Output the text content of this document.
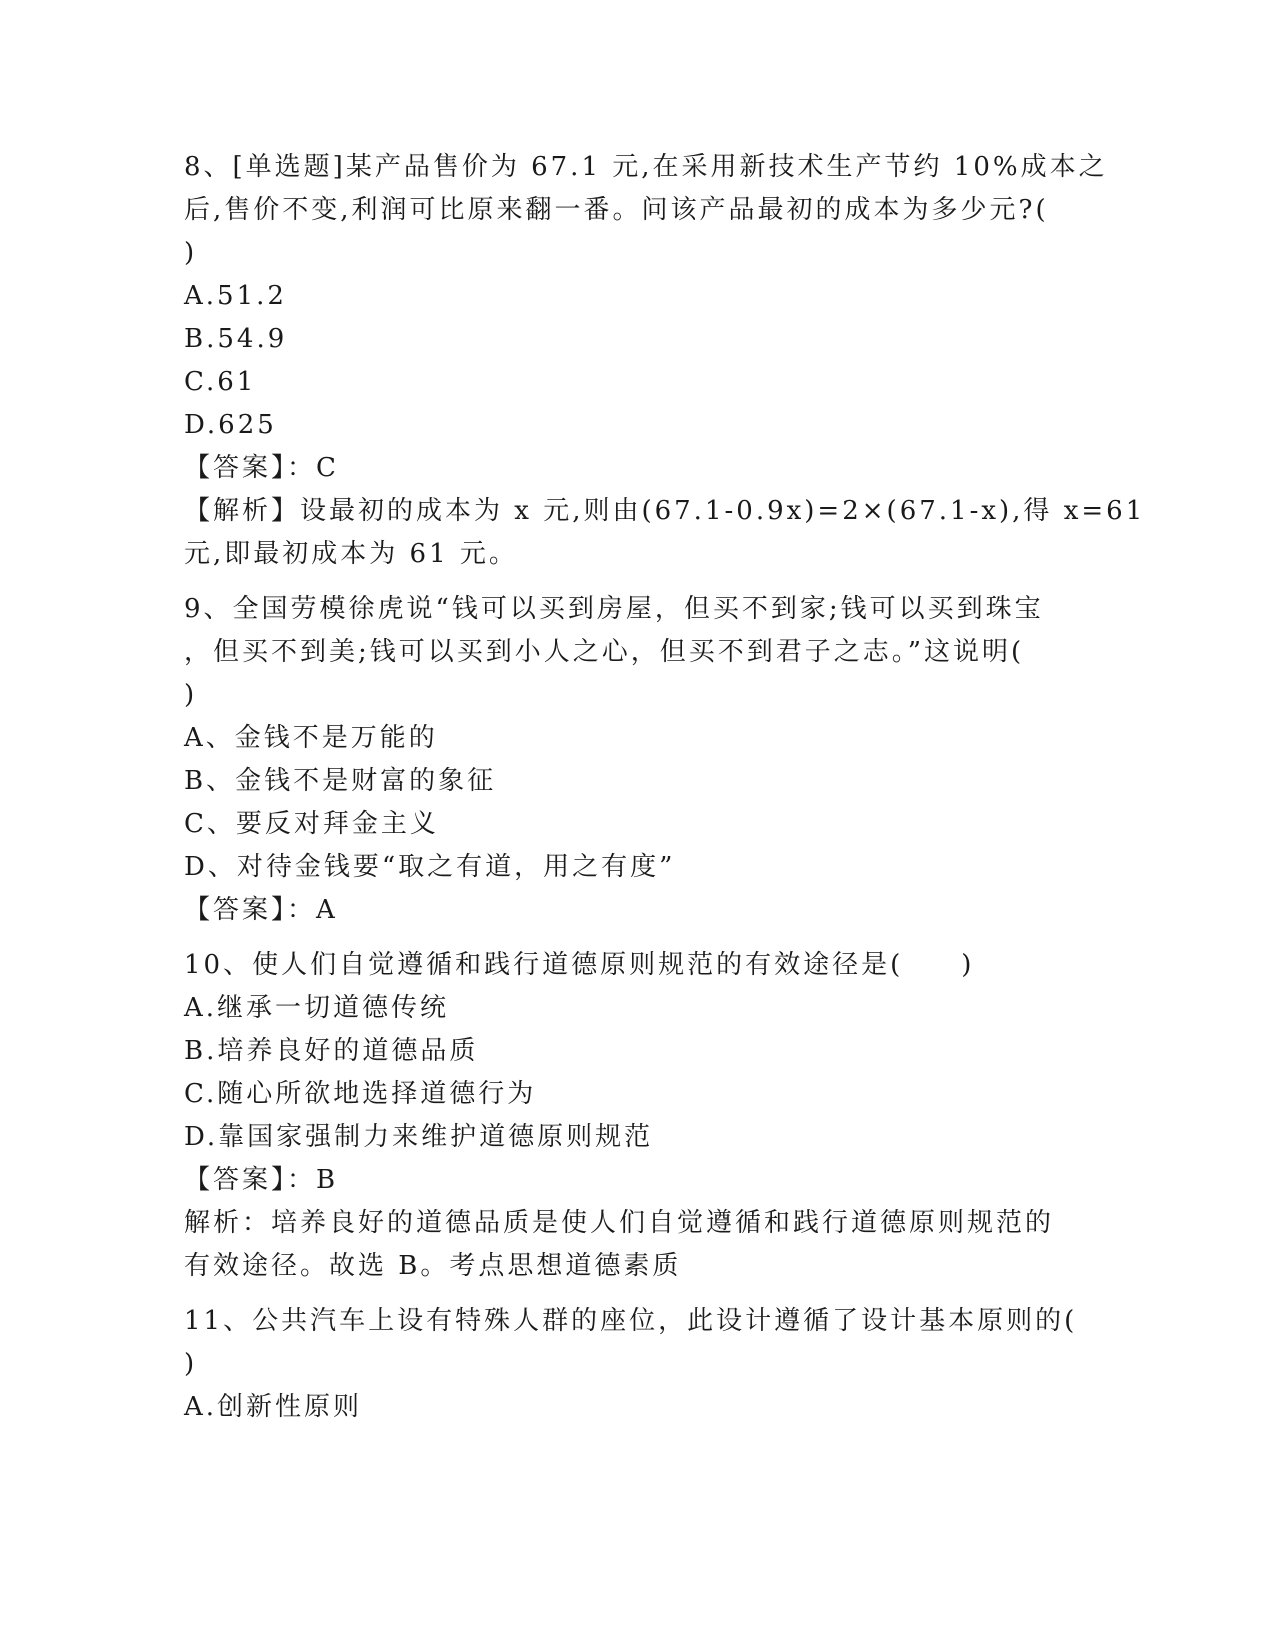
8、[单选题]某产品售价为 67.1 元,在采用新技术生产节约 10%成本之
后,售价不变,利润可比原来翻一番。问该产品最初的成本为多少元?(
)
A.51.2
B.54.9
C.61
D.625
【答案】：C
【解析】设最初的成本为 x 元,则由(67.1-0.9x)=2×(67.1-x),得 x=61
元,即最初成本为 61 元。
9、全国劳模徐虎说“钱可以买到房屋，但买不到家;钱可以买到珠宝
，但买不到美;钱可以买到小人之心，但买不到君子之志。”这说明(
)
A、金钱不是万能的
B、金钱不是财富的象征
C、要反对拜金主义
D、对待金钱要“取之有道，用之有度”
【答案】：A
10、使人们自觉遵循和践行道德原则规范的有效途径是(　　)
A.继承一切道德传统
B.培养良好的道德品质
C.随心所欲地选择道德行为
D.靠国家强制力来维护道德原则规范
【答案】：B
解析：培养良好的道德品质是使人们自觉遵循和践行道德原则规范的
有效途径。故选 B。考点思想道德素质
11、公共汽车上设有特殊人群的座位，此设计遵循了设计基本原则的(
)
A.创新性原则
